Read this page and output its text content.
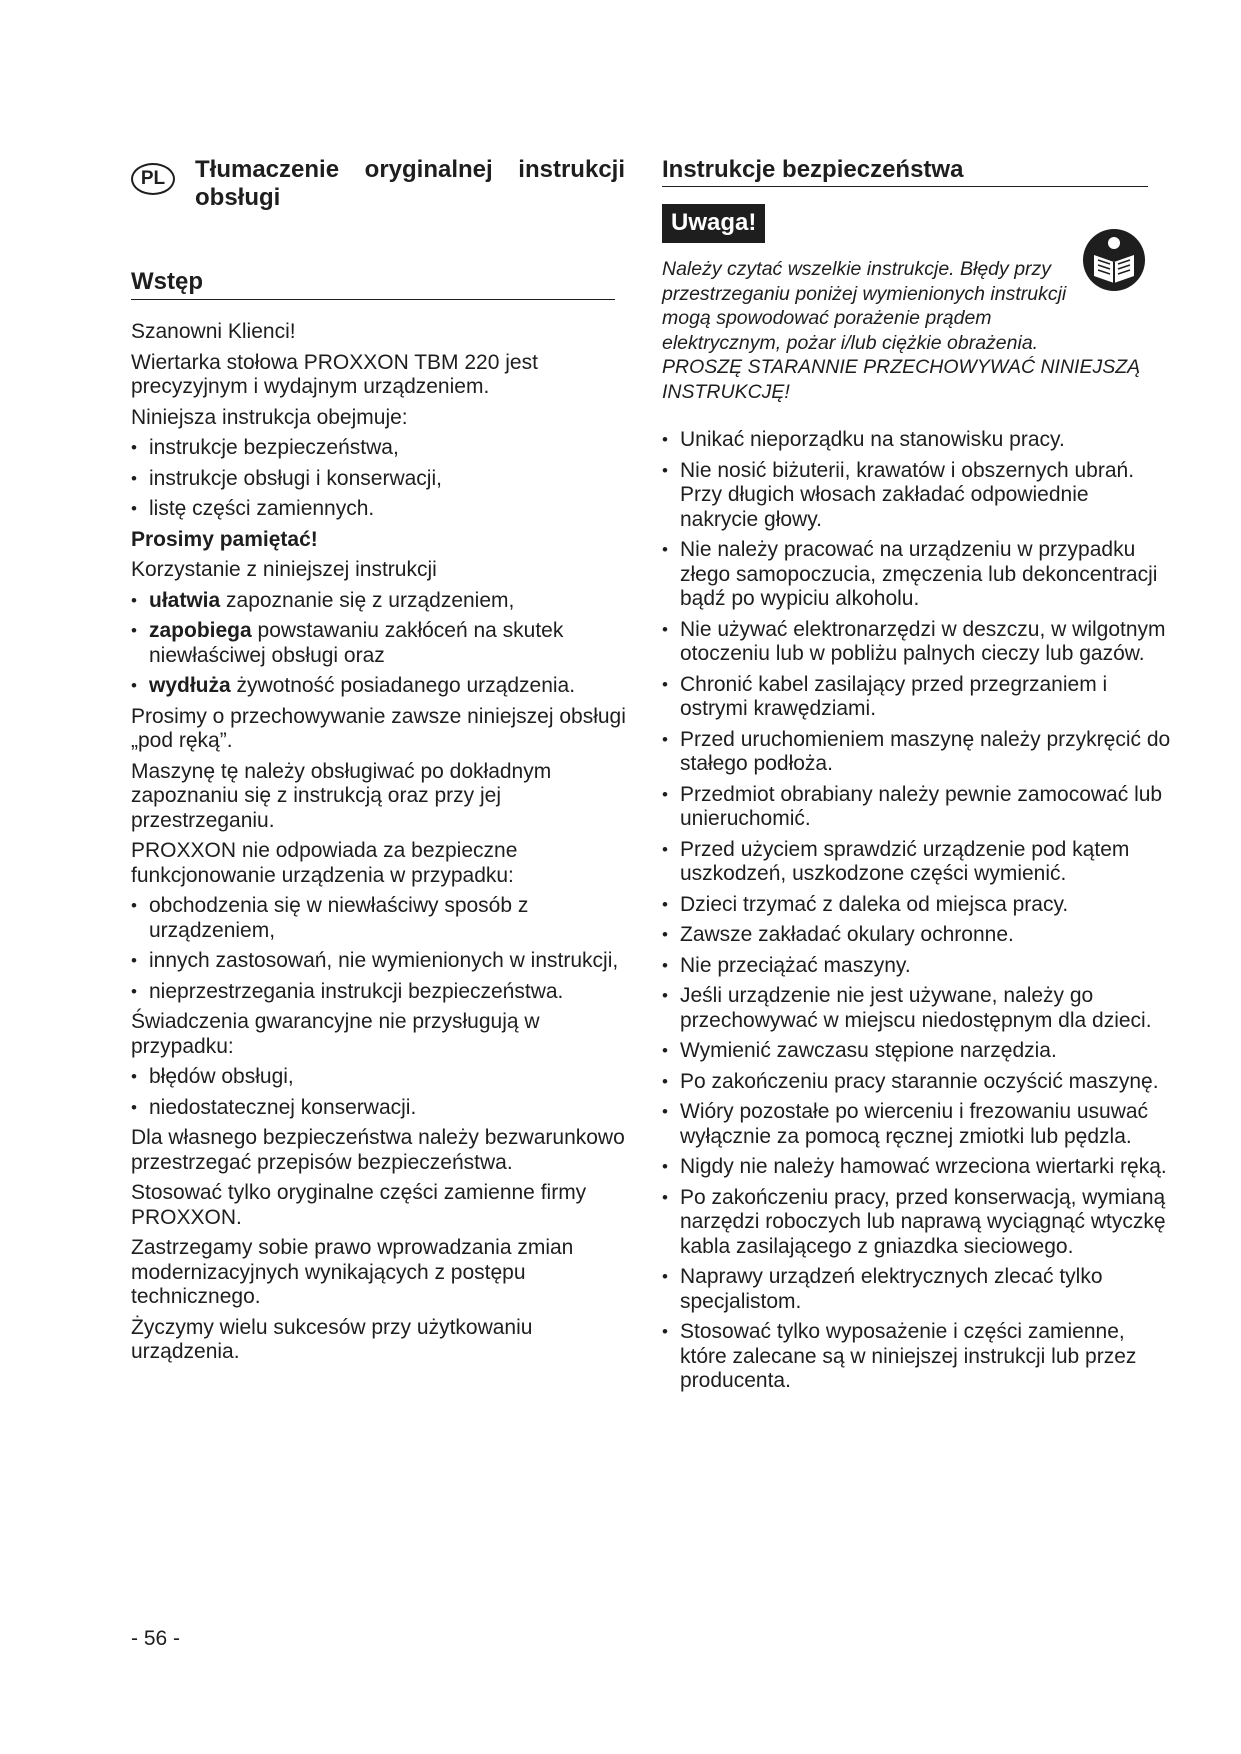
PL	Tłumaczenie oryginalnej instrukcji obsługi
Wstęp

Szanowni Klienci!

Wiertarka stołowa PROXXON TBM 220 jest precyzyjnym i wydajnym urządzeniem.

Niniejsza instrukcja obejmuje:

• instrukcje bezpieczeństwa,
• instrukcje obsługi i konserwacji,
• listę części zamiennych.

Prosimy pamiętać!

Korzystanie z niniejszej instrukcji

• ułatwia zapoznanie się z urządzeniem,
• zapobiega powstawaniu zakłóceń na skutek niewłaściwej obsługi oraz
• wydłuża żywotność posiadanego urządzenia.

Prosimy o przechowywanie zawsze niniejszej obsługi „pod ręką”.

Maszynę tę należy obsługiwać po dokładnym zapoznaniu się z instrukcją oraz przy jej przestrzeganiu.

PROXXON nie odpowiada za bezpieczne funkcjonowanie urządzenia w przypadku:

• obchodzenia się w niewłaściwy sposób z urządzeniem,
• innych zastosowań, nie wymienionych w instrukcji,
• nieprzestrzegania instrukcji bezpieczeństwa.

Świadczenia gwarancyjne nie przysługują w przypadku:

• błędów obsługi,
• niedostatecznej konserwacji.

Dla własnego bezpieczeństwa należy bezwarunkowo przestrzegać przepisów bezpieczeństwa.

Stosować tylko oryginalne części zamienne firmy PROXXON.

Zastrzegamy sobie prawo wprowadzania zmian modernizacyjnych wynikających z postępu technicznego.

Życzymy wielu sukcesów przy użytkowaniu urządzenia.

Instrukcje bezpieczeństwa
Uwaga!

Należy czytać wszelkie instrukcje. Błędy przy przestrzeganiu poniżej wymienionych instrukcji mogą spowodować porażenie prądem elektrycznym, pożar i/lub ciężkie obrażenia.

PROSZĘ STARANNIE PRZECHOWYWAĆ NINIEJSZĄ INSTRUKCJĘ!

• Unikać nieporządku na stanowisku pracy.
• Nie nosić biżuterii, krawatów i obszernych ubrań. Przy długich włosach zakładać odpowiednie nakrycie głowy.
• Nie należy pracować na urządzeniu w przypadku złego samopoczucia, zmęczenia lub dekoncentracji bądź po wypiciu alkoholu.
• Nie używać elektronarzędzi w deszczu, w wilgotnym otoczeniu lub w pobliżu palnych cieczy lub gazów.
• Chronić kabel zasilający przed przegrzaniem i ostrymi krawędziami.
• Przed uruchomieniem maszynę należy przykręcić do stałego podłoża.
• Przedmiot obrabiany należy pewnie zamocować lub unieruchomić.
• Przed użyciem sprawdzić urządzenie pod kątem uszkodzeń, uszkodzone części wymienić.
• Dzieci trzymać z daleka od miejsca pracy.
• Zawsze zakładać okulary ochronne.
• Nie przeciążać maszyny.
• Jeśli urządzenie nie jest używane, należy go przechowywać w miejscu niedostępnym dla dzieci.
• Wymienić zawczasu stępione narzędzia.
• Po zakończeniu pracy starannie oczyścić maszynę.
• Wióry pozostałe po wierceniu i frezowaniu usuwać wyłącznie za pomocą ręcznej zmiotki lub pędzla.
• Nigdy nie należy hamować wrzeciona wiertarki ręką.
• Po zakończeniu pracy, przed konserwacją, wymianą narzędzi roboczych lub naprawą wyciągnąć wtyczkę kabla zasilającego z gniazdka sieciowego.
• Naprawy urządzeń elektrycznych zlecać tylko specjalistom.
• Stosować tylko wyposażenie i części zamienne, które zalecane są w niniejszej instrukcji lub przez producenta.

- 56 -
